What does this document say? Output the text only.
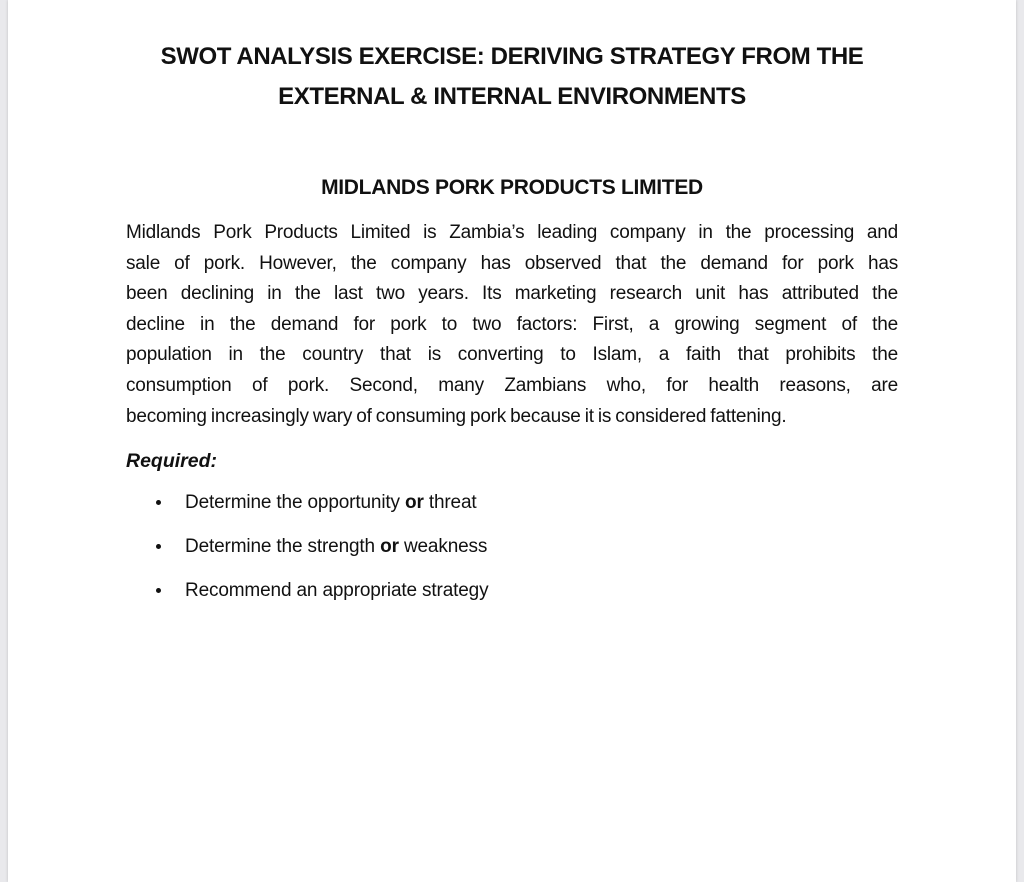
SWOT ANALYSIS EXERCISE: DERIVING STRATEGY FROM THE
EXTERNAL & INTERNAL ENVIRONMENTS
MIDLANDS PORK PRODUCTS LIMITED

Midlands Pork Products Limited is Zambia’s leading company in the processing and
sale of pork. However, the company has observed that the demand for pork has
been declining in the last two years. Its marketing research unit has attributed the
decline in the demand for pork to two factors: First, a growing segment of the
population in the country that is converting to Islam, a faith that prohibits the
consumption of pork. Second, many Zambians who, for health reasons, are
becoming increasingly wary of consuming pork because it is considered fattening.

Required:

Determine the opportunity or threat
Determine the strength or weakness
Recommend an appropriate strategy
